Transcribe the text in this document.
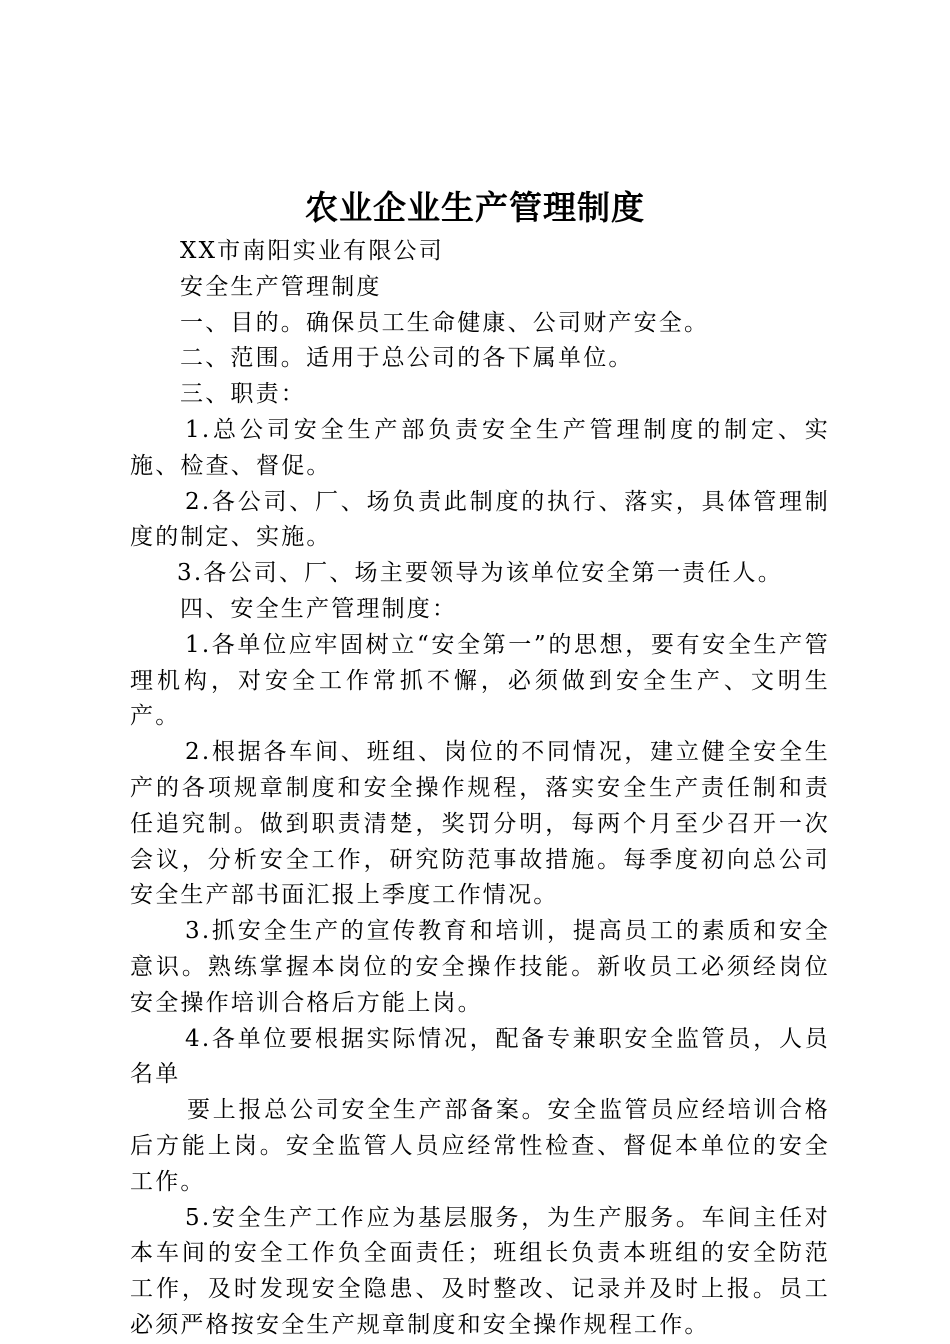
农业企业生产管理制度

XX市南阳实业有限公司

安全生产管理制度

一、目的。确保员工生命健康、公司财产安全。

二、范围。适用于总公司的各下属单位。

三、职责：

1.总公司安全生产部负责安全生产管理制度的制定、实施、检查、督促。

2.各公司、厂、场负责此制度的执行、落实，具体管理制度的制定、实施。

3.各公司、厂、场主要领导为该单位安全第一责任人。

四、安全生产管理制度：

1.各单位应牢固树立“安全第一”的思想，要有安全生产管理机构，对安全工作常抓不懈，必须做到安全生产、文明生产。

2.根据各车间、班组、岗位的不同情况，建立健全安全生产的各项规章制度和安全操作规程，落实安全生产责任制和责任追究制。做到职责清楚，奖罚分明，每两个月至少召开一次会议，分析安全工作，研究防范事故措施。每季度初向总公司安全生产部书面汇报上季度工作情况。

3.抓安全生产的宣传教育和培训，提高员工的素质和安全意识。熟练掌握本岗位的安全操作技能。新收员工必须经岗位安全操作培训合格后方能上岗。

4.各单位要根据实际情况，配备专兼职安全监管员，人员名单

要上报总公司安全生产部备案。安全监管员应经培训合格后方能上岗。安全监管人员应经常性检查、督促本单位的安全工作。

5.安全生产工作应为基层服务，为生产服务。车间主任对本车间的安全工作负全面责任；班组长负责本班组的安全防范工作，及时发现安全隐患、及时整改、记录并及时上报。员工必须严格按安全生产规章制度和安全操作规程工作。
